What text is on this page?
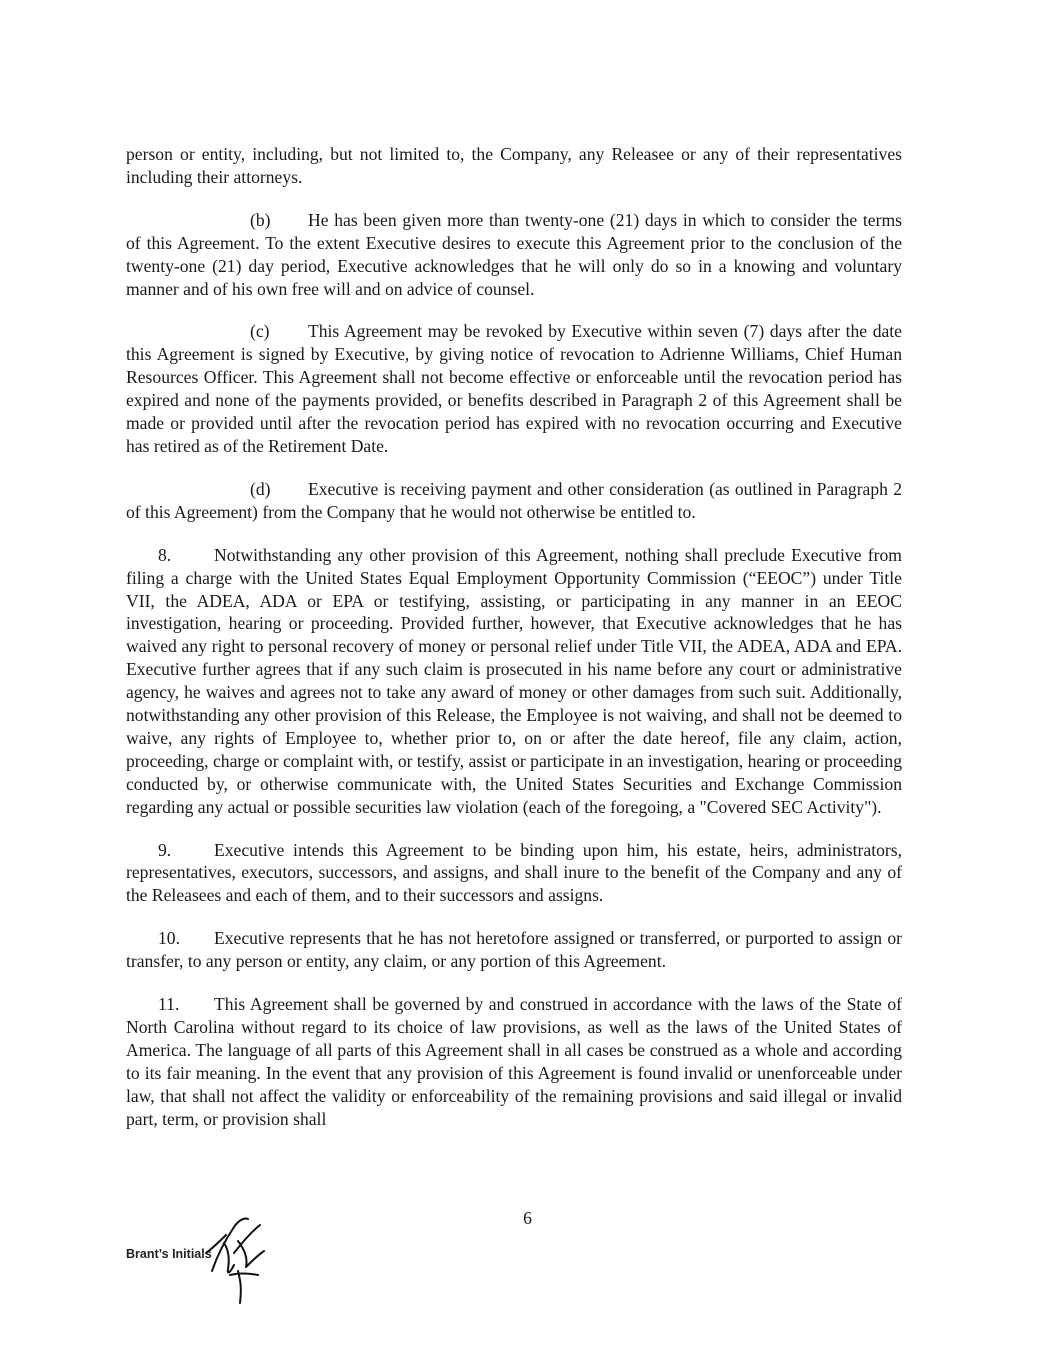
person or entity, including, but not limited to, the Company, any Releasee or any of their representatives including their attorneys.

(b) He has been given more than twenty-one (21) days in which to consider the terms of this Agreement. To the extent Executive desires to execute this Agreement prior to the conclusion of the twenty-one (21) day period, Executive acknowledges that he will only do so in a knowing and voluntary manner and of his own free will and on advice of counsel.

(c) This Agreement may be revoked by Executive within seven (7) days after the date this Agreement is signed by Executive, by giving notice of revocation to Adrienne Williams, Chief Human Resources Officer. This Agreement shall not become effective or enforceable until the revocation period has expired and none of the payments provided, or benefits described in Paragraph 2 of this Agreement shall be made or provided until after the revocation period has expired with no revocation occurring and Executive has retired as of the Retirement Date.

(d) Executive is receiving payment and other consideration (as outlined in Paragraph 2 of this Agreement) from the Company that he would not otherwise be entitled to.

8. Notwithstanding any other provision of this Agreement, nothing shall preclude Executive from filing a charge with the United States Equal Employment Opportunity Commission (“EEOC”) under Title VII, the ADEA, ADA or EPA or testifying, assisting, or participating in any manner in an EEOC investigation, hearing or proceeding. Provided further, however, that Executive acknowledges that he has waived any right to personal recovery of money or personal relief under Title VII, the ADEA, ADA and EPA. Executive further agrees that if any such claim is prosecuted in his name before any court or administrative agency, he waives and agrees not to take any award of money or other damages from such suit. Additionally, notwithstanding any other provision of this Release, the Employee is not waiving, and shall not be deemed to waive, any rights of Employee to, whether prior to, on or after the date hereof, file any claim, action, proceeding, charge or complaint with, or testify, assist or participate in an investigation, hearing or proceeding conducted by, or otherwise communicate with, the United States Securities and Exchange Commission regarding any actual or possible securities law violation (each of the foregoing, a "Covered SEC Activity").

9. Executive intends this Agreement to be binding upon him, his estate, heirs, administrators, representatives, executors, successors, and assigns, and shall inure to the benefit of the Company and any of the Releasees and each of them, and to their successors and assigns.

10. Executive represents that he has not heretofore assigned or transferred, or purported to assign or transfer, to any person or entity, any claim, or any portion of this Agreement.

11. This Agreement shall be governed by and construed in accordance with the laws of the State of North Carolina without regard to its choice of law provisions, as well as the laws of the United States of America. The language of all parts of this Agreement shall in all cases be construed as a whole and according to its fair meaning. In the event that any provision of this Agreement is found invalid or unenforceable under law, that shall not affect the validity or enforceability of the remaining provisions and said illegal or invalid part, term, or provision shall

6
Brant’s Initials
